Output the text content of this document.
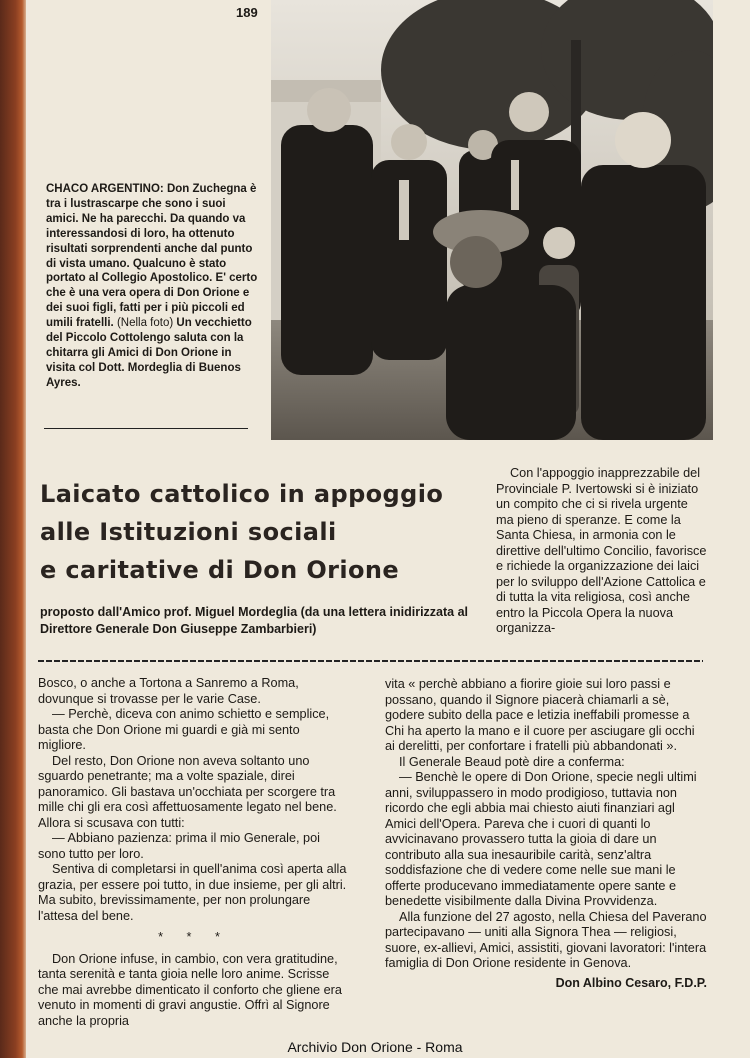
189
CHACO ARGENTINO: Don Zuchegna è tra i lustrascarpe che sono i suoi amici. Ne ha parecchi. Da quando va interessandosi di loro, ha ottenuto risultati sorprendenti anche dal punto di vista umano. Qualcuno è stato portato al Collegio Apostolico. E' certo che è una vera opera di Don Orione e dei suoi figli, fatti per i più piccoli ed umili fratelli. (Nella foto) Un vecchietto del Piccolo Cottolengo saluta con la chitarra gli Amici di Don Orione in visita col Dott. Mordeglia di Buenos Ayres.
Laicato cattolico in appoggio
alle Istituzioni sociali
e caritative di Don Orione
proposto dall'Amico prof. Miguel Mordeglia (da una lettera inidirizzata al Direttore Generale Don Giuseppe Zambarbieri)

Con l'appoggio inapprezzabile del Provinciale P. Ivertowski si è iniziato un compito che ci si rivela urgente ma pieno di speranze. E come la Santa Chiesa, in armonia con le direttive dell'ultimo Concilio, favorisce e richiede la organizzazione dei laici per lo sviluppo dell'Azione Cattolica e di tutta la vita religiosa, così anche entro la Piccola Opera la nuova organizza-

Bosco, o anche a Tortona a Sanremo a Roma, dovunque si trovasse per le varie Case.

— Perchè, diceva con animo schietto e semplice, basta che Don Orione mi guardi e già mi sento migliore.

Del resto, Don Orione non aveva soltanto uno sguardo penetrante; ma a volte spaziale, direi panoramico. Gli bastava un'occhiata per scorgere tra mille chi gli era così affettuosamente legato nel bene. Allora si scusava con tutti:

— Abbiano pazienza: prima il mio Generale, poi sono tutto per loro.

Sentiva di completarsi in quell'anima così aperta alla grazia, per essere poi tutto, in due insieme, per gli altri. Ma subito, brevissimamente, per non prolungare l'attesa del bene.

* * *

Don Orione infuse, in cambio, con vera gratitudine, tanta serenità e tanta gioia nelle loro anime. Scrisse che mai avrebbe dimenticato il conforto che gliene era venuto in momenti di gravi angustie. Offrì al Signore anche la propria

vita « perchè abbiano a fiorire gioie sui loro passi e possano, quando il Signore piacerà chiamarli a sè, godere subito della pace e letizia ineffabili promesse a Chi ha aperto la mano e il cuore per asciugare gli occhi ai derelitti, per confortare i fratelli più abbandonati ».

Il Generale Beaud potè dire a conferma:

— Benchè le opere di Don Orione, specie negli ultimi anni, sviluppassero in modo prodigioso, tuttavia non ricordo che egli abbia mai chiesto aiuti finanziari agl Amici dell'Opera. Pareva che i cuori di quanti lo avvicinavano provassero tutta la gioia di dare un contributo alla sua inesauribile carità, senz'altra soddisfazione che di vedere come nelle sue mani le offerte producevano immediatamente opere sante e benedette visibilmente dalla Divina Provvidenza.

Alla funzione del 27 agosto, nella Chiesa del Paverano partecipavano — uniti alla Signora Thea — religiosi, suore, ex-allievi, Amici, assistiti, giovani lavoratori: l'intera famiglia di Don Orione residente in Genova.

Don Albino Cesaro, F.D.P.

Archivio Don Orione - Roma
